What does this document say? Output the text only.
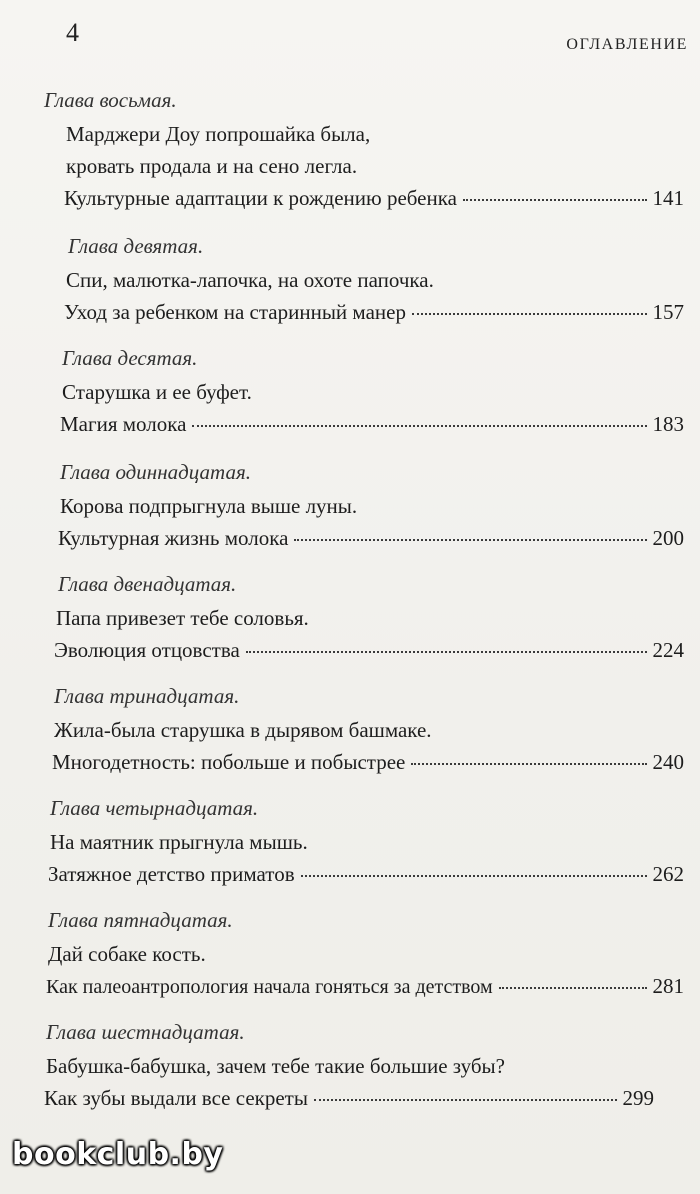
4	ОГЛАВЛЕНИЕ
Глава восьмая.
Марджери Доу попрошайка была,
кровать продала и на сено легла.
Культурные адаптации к рождению ребенка	141
Глава девятая.
Спи, малютка-лапочка, на охоте папочка.
Уход за ребенком на старинный манер	157
Глава десятая.
Старушка и ее буфет.
Магия молока	183
Глава одиннадцатая.
Корова подпрыгнула выше луны.
Культурная жизнь молока	200
Глава двенадцатая.
Папа привезет тебе соловья.
Эволюция отцовства	224
Глава тринадцатая.
Жила-была старушка в дырявом башмаке.
Многодетность: побольше и побыстрее	240
Глава четырнадцатая.
На маятник прыгнула мышь.
Затяжное детство приматов	262
Глава пятнадцатая.
Дай собаке кость.
Как палеоантропология начала гоняться за детством	281
Глава шестнадцатая.
Бабушка-бабушка, зачем тебе такие большие зубы?
Как зубы выдали все секреты	299
bookclub.by
